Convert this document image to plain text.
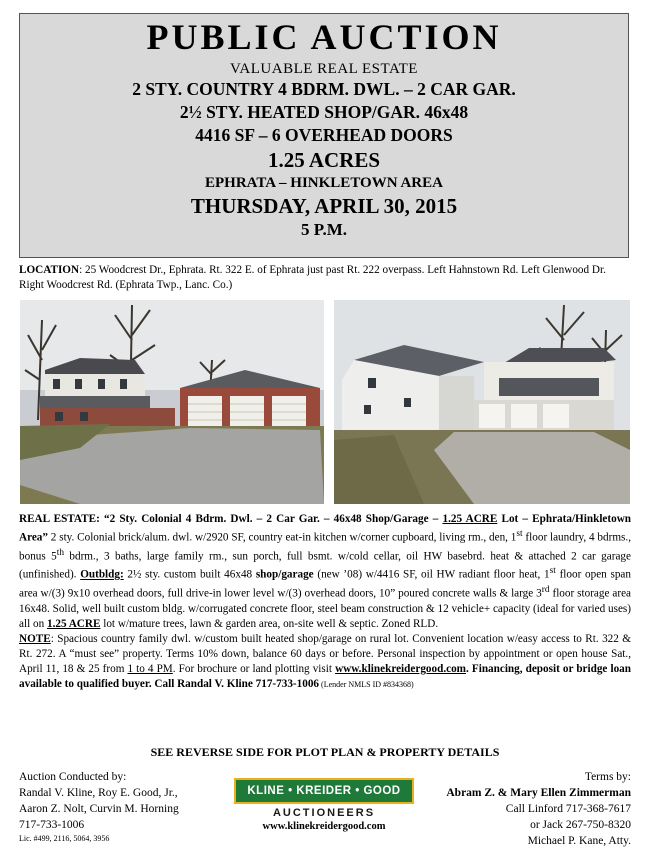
PUBLIC AUCTION
VALUABLE REAL ESTATE
2 STY. COUNTRY 4 BDRM. DWL. – 2 CAR GAR.
2½ STY. HEATED SHOP/GAR. 46x48
4416 SF – 6 OVERHEAD DOORS
1.25 ACRES
EPHRATA – HINKLETOWN AREA
THURSDAY, APRIL 30, 2015
5 P.M.
LOCATION: 25 Woodcrest Dr., Ephrata. Rt. 322 E. of Ephrata just past Rt. 222 overpass. Left Hahnstown Rd. Left Glenwood Dr. Right Woodcrest Rd. (Ephrata Twp., Lanc. Co.)

REAL ESTATE: “2 Sty. Colonial 4 Bdrm. Dwl. – 2 Car Gar. – 46x48 Shop/Garage – 1.25 ACRE Lot – Ephrata/Hinkletown Area” 2 sty. Colonial brick/alum. dwl. w/2920 SF, country eat-in kitchen w/corner cupboard, living rm., den, 1st floor laundry, 4 bdrms., bonus 5th bdrm., 3 baths, large family rm., sun porch, full bsmt. w/cold cellar, oil HW basebrd. heat & attached 2 car garage (unfinished). Outbldg: 2½ sty. custom built 46x48 shop/garage (new ’08) w/4416 SF, oil HW radiant floor heat, 1st floor open span area w/(3) 9x10 overhead doors, full drive-in lower level w/(3) overhead doors, 10” poured concrete walls & large 3rd floor storage area 16x48. Solid, well built custom bldg. w/corrugated concrete floor, steel beam construction & 12 vehicle+ capacity (ideal for varied uses) all on 1.25 ACRE lot w/mature trees, lawn & garden area, on-site well & septic. Zoned RLD.

NOTE: Spacious country family dwl. w/custom built heated shop/garage on rural lot. Convenient location w/easy access to Rt. 322 & Rt. 272. A “must see” property. Terms 10% down, balance 60 days or before. Personal inspection by appointment or open house Sat., April 11, 18 & 25 from 1 to 4 PM. For brochure or land plotting visit www.klinekreidergood.com. Financing, deposit or bridge loan available to qualified buyer. Call Randal V. Kline 717-733-1006 (Lender NMLS ID #834368)

SEE REVERSE SIDE FOR PLOT PLAN & PROPERTY DETAILS
Auction Conducted by:
Randal V. Kline, Roy E. Good, Jr.,
Aaron Z. Nolt, Curvin M. Horning
717-733-1006
Lic. #499, 2116, 5064, 3956
KLINE • KREIDER • GOOD
AUCTIONEERS
www.klinekreidergood.com
Terms by:
Abram Z. & Mary Ellen Zimmerman
Call Linford 717-368-7617
or Jack 267-750-8320
Michael P. Kane, Atty.
